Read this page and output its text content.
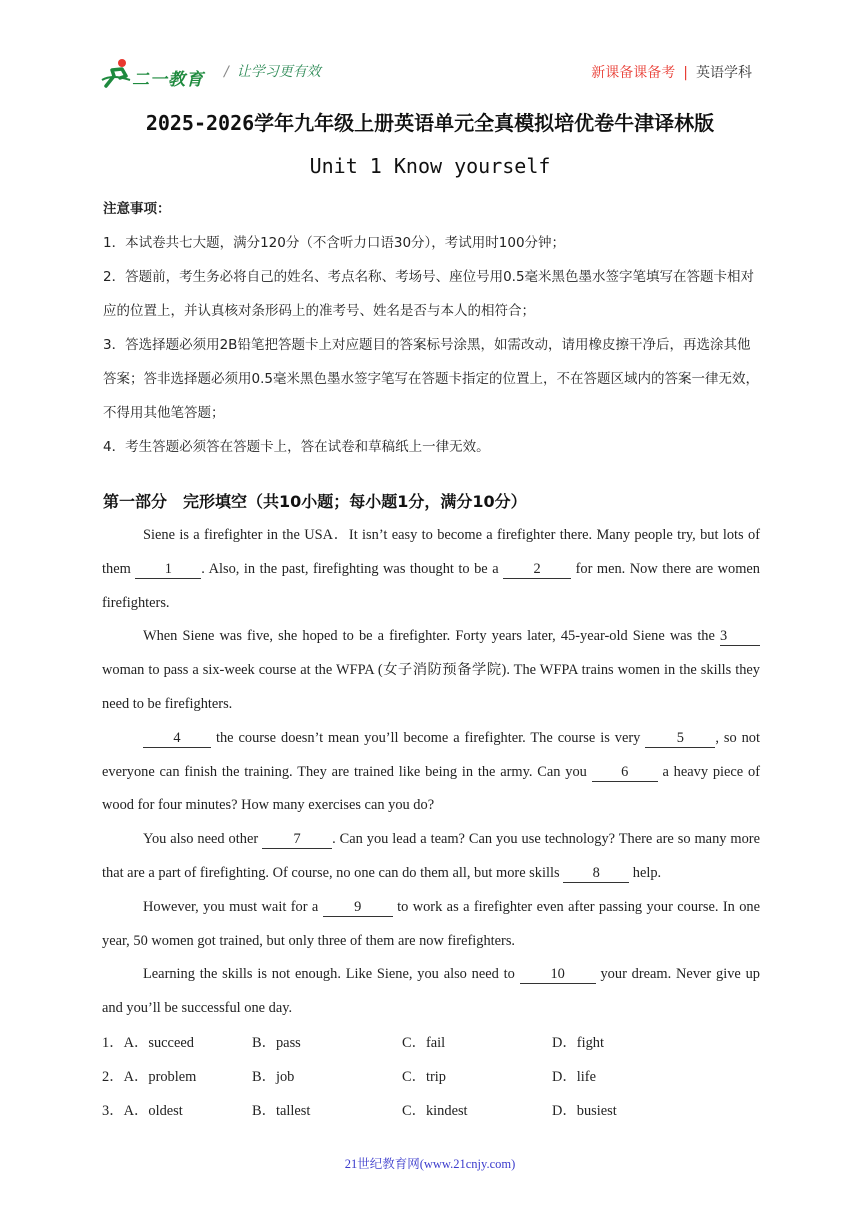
二一教育 / 让学习更有效	新课备课备考 | 英语学科
2025-2026学年九年级上册英语单元全真模拟培优卷牛津译林版
Unit 1 Know yourself

注意事项：

1．本试卷共七大题，满分120分（不含听力口语30分），考试用时100分钟；

2．答题前，考生务必将自己的姓名、考点名称、考场号、座位号用0.5毫米黑色墨水签字笔填写在答题卡相对应的位置上，并认真核对条形码上的准考号、姓名是否与本人的相符合；

3．答选择题必须用2B铅笔把答题卡上对应题目的答案标号涂黑，如需改动，请用橡皮擦干净后，再选涂其他答案；答非选择题必须用0.5毫米黑色墨水签字笔写在答题卡指定的位置上，不在答题区域内的答案一律无效，不得用其他笔答题；

4．考生答题必须答在答题卡上，答在试卷和草稿纸上一律无效。

第一部分　完形填空（共10小题；每小题1分，满分10分）

Siene is a firefighter in the USA．It isn’t easy to become a firefighter there. Many people try, but lots of them 1 . Also, in the past, firefighting was thought to be a 2 for men. Now there are women firefighters.

When Siene was five, she hoped to be a firefighter. Forty years later, 45-year-old Siene was the 3 woman to pass a six-week course at the WFPA (女子消防预备学院). The WFPA trains women in the skills they need to be firefighters.

4 the course doesn’t mean you’ll become a firefighter. The course is very 5 , so not everyone can finish the training. They are trained like being in the army. Can you 6 a heavy piece of wood for four minutes? How many exercises can you do?

You also need other 7 . Can you lead a team? Can you use technology? There are so many more that are a part of firefighting. Of course, no one can do them all, but more skills 8 help.

However, you must wait for a 9 to work as a firefighter even after passing your course. In one year, 50 women got trained, but only three of them are now firefighters.

Learning the skills is not enough. Like Siene, you also need to 10 your dream. Never give up and you’ll be successful one day.

1．A．succeed	B．pass	C．fail	D．fight
2．A．problem	B．job	C．trip	D．life
3．A．oldest	B．tallest	C．kindest	D．busiest
21世纪教育网(www.21cnjy.com)
